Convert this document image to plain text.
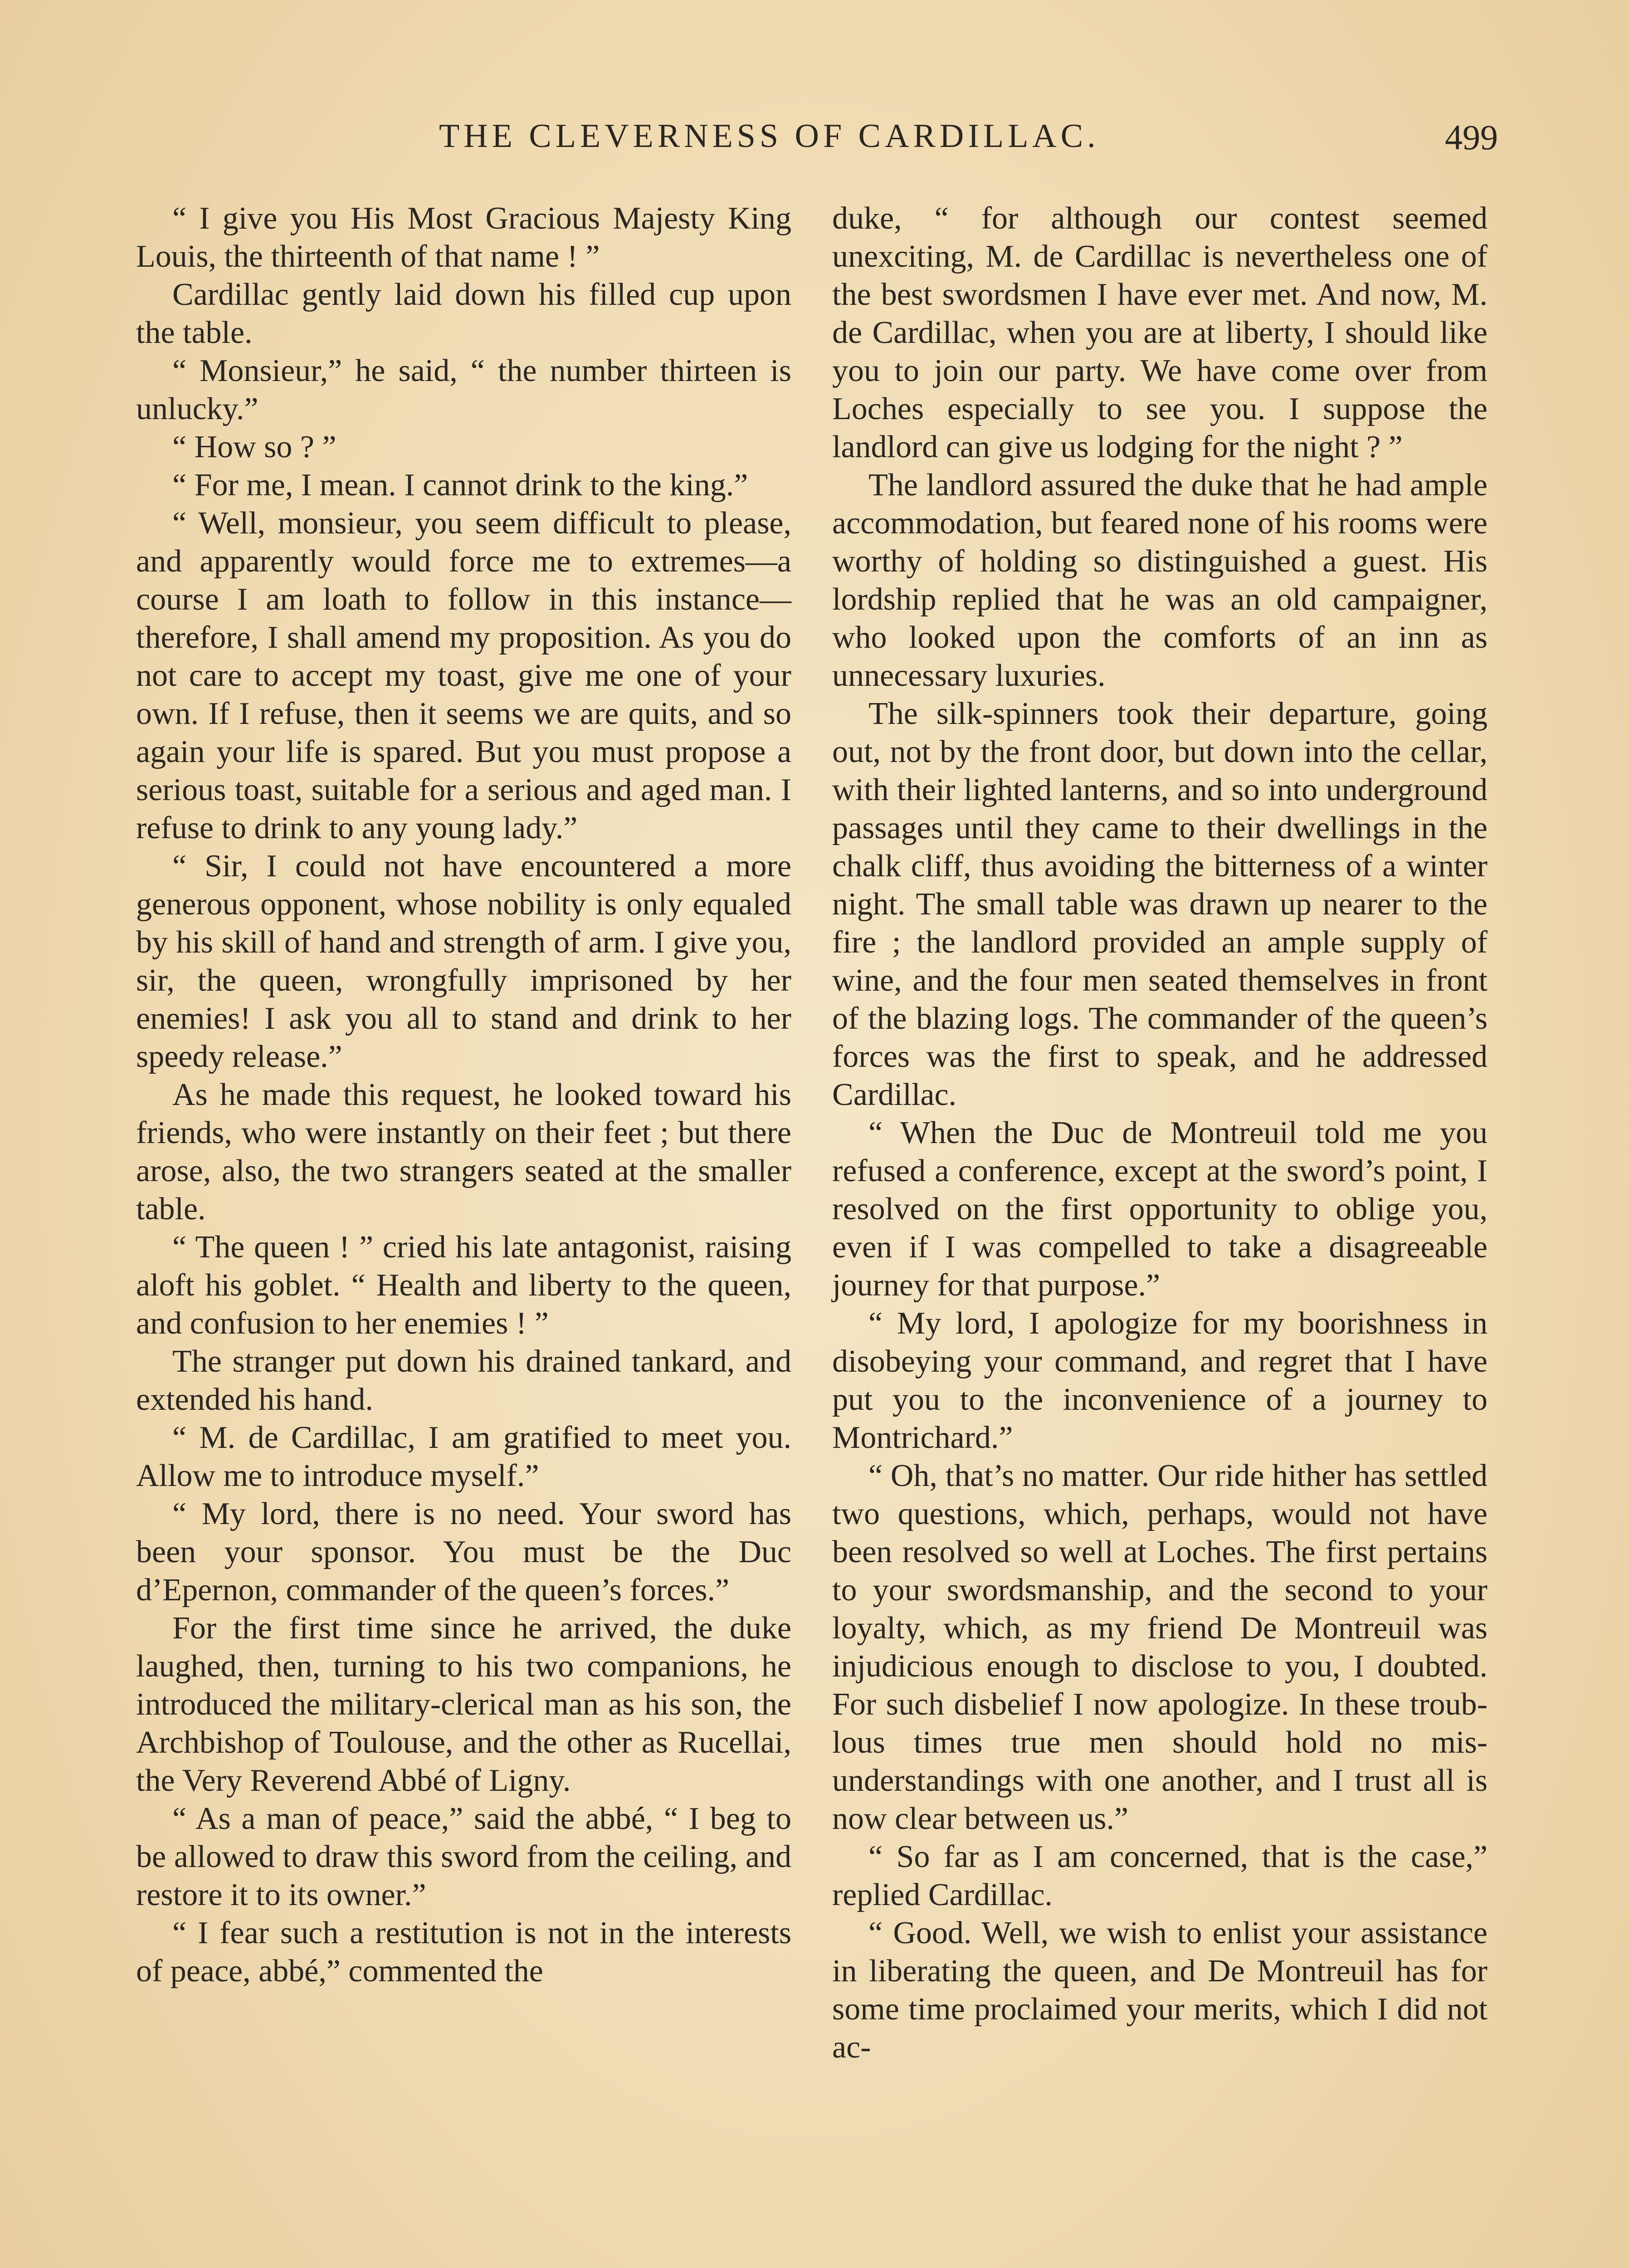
THE CLEVERNESS OF CARDILLAC.	499

“ I give you His Most Gracious Majesty King Louis, the thirteenth of that name ! ”

Cardillac gently laid down his filled cup upon the table.

“ Monsieur,” he said, “ the number thirteen is unlucky.”

“ How so ? ”

“ For me, I mean. I cannot drink to the king.”

“ Well, monsieur, you seem difficult to please, and apparently would force me to extremes—a course I am loath to follow in this instance—therefore, I shall amend my proposition. As you do not care to accept my toast, give me one of your own. If I refuse, then it seems we are quits, and so again your life is spared. But you must propose a serious toast, suitable for a serious and aged man. I refuse to drink to any young lady.”

“ Sir, I could not have encountered a more generous opponent, whose nobility is only equaled by his skill of hand and strength of arm. I give you, sir, the queen, wrongfully imprisoned by her enemies! I ask you all to stand and drink to her speedy release.”

As he made this request, he looked toward his friends, who were instantly on their feet ; but there arose, also, the two strangers seated at the smaller table.

“ The queen ! ” cried his late antagonist, raising aloft his goblet. “ Health and liberty to the queen, and confusion to her enemies ! ”

The stranger put down his drained tankard, and extended his hand.

“ M. de Cardillac, I am gratified to meet you. Allow me to introduce myself.”

“ My lord, there is no need. Your sword has been your sponsor. You must be the Duc d’Epernon, commander of the queen’s forces.”

For the first time since he arrived, the duke laughed, then, turning to his two companions, he introduced the military-clerical man as his son, the Archbishop of Toulouse, and the other as Rucellai, the Very Reverend Abbé of Ligny.

“ As a man of peace,” said the abbé, “ I beg to be allowed to draw this sword from the ceiling, and restore it to its owner.”

“ I fear such a restitution is not in the interests of peace, abbé,” commented the

duke, “ for although our contest seemed unexciting, M. de Cardillac is nevertheless one of the best swordsmen I have ever met. And now, M. de Cardillac, when you are at liberty, I should like you to join our party. We have come over from Loches especially to see you. I suppose the landlord can give us lodging for the night ? ”

The landlord assured the duke that he had ample accommodation, but feared none of his rooms were worthy of holding so distinguished a guest. His lordship replied that he was an old campaigner, who looked upon the comforts of an inn as unnecessary luxuries.

The silk-spinners took their departure, going out, not by the front door, but down into the cellar, with their lighted lanterns, and so into underground passages until they came to their dwellings in the chalk cliff, thus avoiding the bitterness of a winter night. The small table was drawn up nearer to the fire ; the landlord provided an ample supply of wine, and the four men seated themselves in front of the blazing logs. The commander of the queen’s forces was the first to speak, and he addressed Cardillac.

“ When the Duc de Montreuil told me you refused a conference, except at the sword’s point, I resolved on the first opportunity to oblige you, even if I was compelled to take a disagreeable journey for that purpose.”

“ My lord, I apologize for my boorishness in disobeying your command, and regret that I have put you to the inconvenience of a journey to Montrichard.”

“ Oh, that’s no matter. Our ride hither has settled two questions, which, perhaps, would not have been resolved so well at Loches. The first pertains to your swordsmanship, and the second to your loyalty, which, as my friend De Montreuil was injudicious enough to disclose to you, I doubted. For such disbelief I now apologize. In these troublous times true men should hold no misunderstandings with one another, and I trust all is now clear between us.”

“ So far as I am concerned, that is the case,” replied Cardillac.

“ Good. Well, we wish to enlist your assistance in liberating the queen, and De Montreuil has for some time proclaimed your merits, which I did not ac-
